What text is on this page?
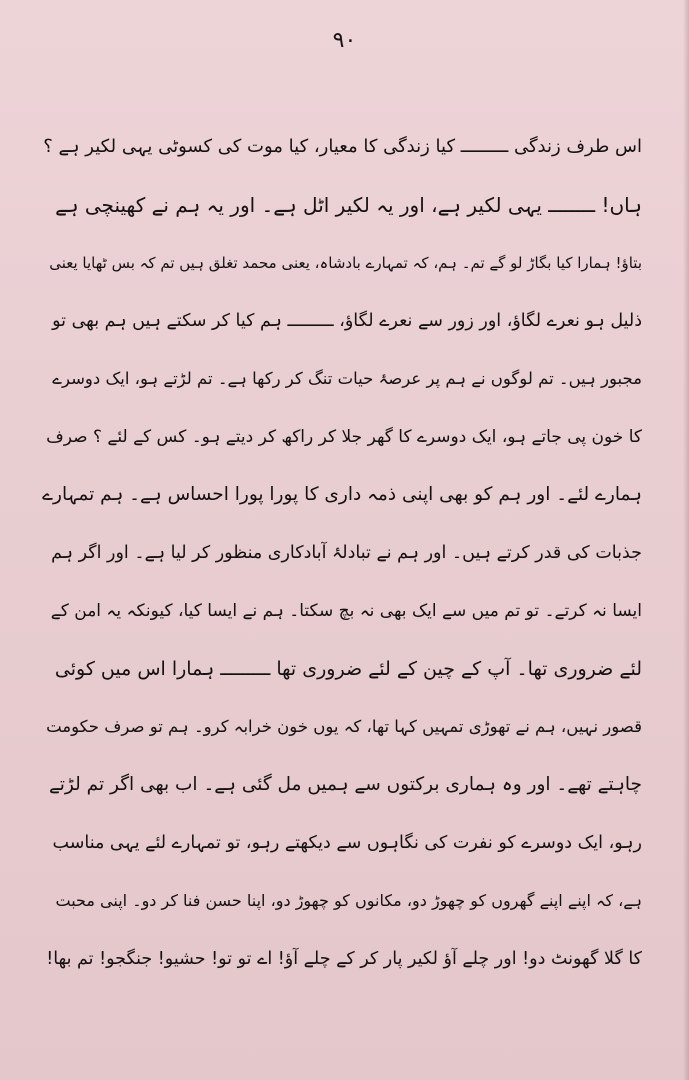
۹۰
اس طرف زندگی ـــــــــ کیا زندگی کا معیار، کیا موت کی کسوٹی یہی لکیر ہے ؟
ہاں! ــــــــ یہی لکیر ہے، اور یہ لکیر اٹل ہے۔ اور یہ ہم نے کھینچی ہے
بتاؤ! ہمارا کیا بگاڑ لو گے تم۔ ہم، کہ تمہارے بادشاہ، یعنی محمد تغلق ہیں تم کہ بس ٹھایا یعنی
ذلیل ہو نعرے لگاؤ، اور زور سے نعرے لگاؤ، ـــــــــ ہم کیا کر سکتے ہیں ہم بھی تو
مجبور ہیں۔ تم لوگوں نے ہم پر عرصۂ حیات تنگ کر رکھا ہے۔ تم لڑتے ہو، ایک دوسرے
کا خون پی جاتے ہو، ایک دوسرے کا گھر جلا کر راکھ کر دیتے ہو۔ کس کے لئے ؟ صرف
ہمارے لئے۔ اور ہم کو بھی اپنی ذمہ داری کا پورا پورا احساس ہے۔ ہم تمہارے
جذبات کی قدر کرتے ہیں۔ اور ہم نے تبادلۂ آبادکاری منظور کر لیا ہے۔ اور اگر ہم
ایسا نہ کرتے۔ تو تم میں سے ایک بھی نہ بچ سکتا۔ ہم نے ایسا کیا، کیونکہ یہ امن کے
لئے ضروری تھا۔ آپ کے چین کے لئے ضروری تھا ـــــــــ ہمارا اس میں کوئی
قصور نہیں، ہم نے تھوڑی تمہیں کہا تھا، کہ یوں خون خرابہ کرو۔ ہم تو صرف حکومت
چاہتے تھے۔ اور وہ ہماری برکتوں سے ہمیں مل گئی ہے۔ اب بھی اگر تم لڑتے
رہو، ایک دوسرے کو نفرت کی نگاہوں سے دیکھتے رہو، تو تمہارے لئے یہی مناسب
ہے، کہ اپنے اپنے گھروں کو چھوڑ دو، مکانوں کو چھوڑ دو، اپنا حسن فنا کر دو۔ اپنی محبت
کا گلا گھونٹ دو! اور چلے آؤ لکیر پار کر کے چلے آؤ! اے تو تو! حشیو! جنگجو! تم بھا!
